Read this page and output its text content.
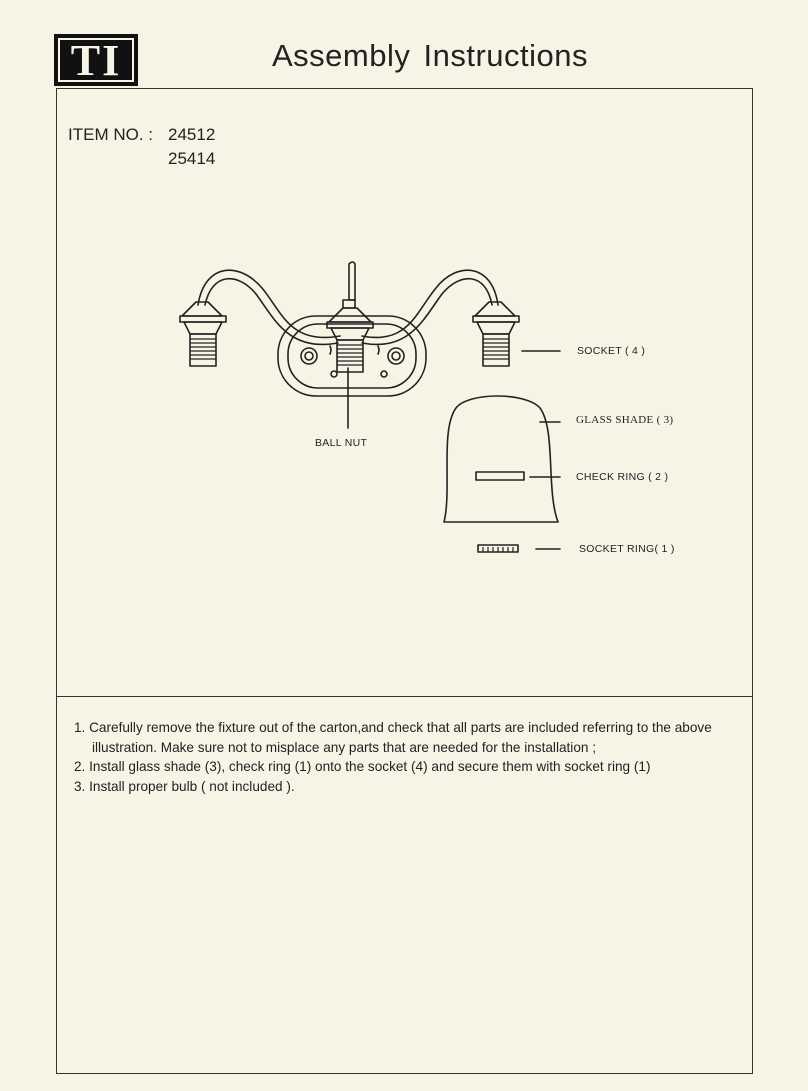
TI	Assembly Instructions
ITEM NO. : 24512
25414
SOCKET ( 4 )
GLASS SHADE ( 3)
CHECK RING ( 2 )
SOCKET RING( 1 )
BALL NUT
1. Carefully remove the fixture out of the carton,and check that all parts are included referring to the above illustration. Make sure not to misplace any parts that are needed for the installation ;
2. Install glass shade (3), check ring (1) onto the socket (4) and secure them with socket ring (1)
3. Install proper bulb ( not included ).
